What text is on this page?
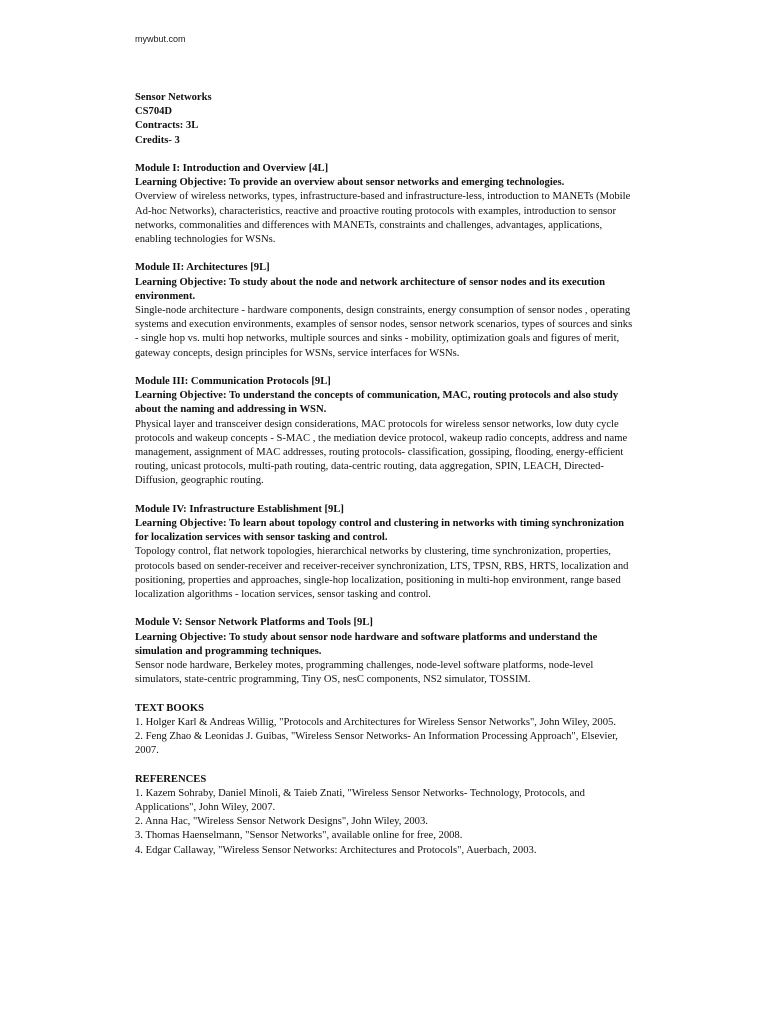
mywbut.com

Sensor Networks

CS704D

Contracts: 3L

Credits- 3

Module I: Introduction and Overview [4L]

Learning Objective: To provide an overview about sensor networks and emerging technologies.

Overview of wireless networks, types, infrastructure-based and infrastructure-less, introduction to MANETs (Mobile Ad-hoc Networks), characteristics, reactive and proactive routing protocols with examples, introduction to sensor networks, commonalities and differences with MANETs, constraints and challenges, advantages, applications, enabling technologies for WSNs.

Module II: Architectures [9L]

Learning Objective: To study about the node and network architecture of sensor nodes and its execution environment.

Single-node architecture - hardware components, design constraints, energy consumption of sensor nodes , operating systems and execution environments, examples of sensor nodes, sensor network scenarios, types of sources and sinks - single hop vs. multi hop networks, multiple sources and sinks - mobility, optimization goals and figures of merit, gateway concepts, design principles for WSNs, service interfaces for WSNs.

Module III: Communication Protocols [9L]

Learning Objective: To understand the concepts of communication, MAC, routing protocols and also study about the naming and addressing in WSN.

Physical layer and transceiver design considerations, MAC protocols for wireless sensor networks, low duty cycle protocols and wakeup concepts - S-MAC , the mediation device protocol, wakeup radio concepts, address and name management, assignment of MAC addresses, routing protocols- classification, gossiping, flooding, energy-efficient routing, unicast protocols, multi-path routing, data-centric routing, data aggregation, SPIN, LEACH, Directed-Diffusion, geographic routing.

Module IV: Infrastructure Establishment [9L]

Learning Objective: To learn about topology control and clustering in networks with timing synchronization for localization services with sensor tasking and control.

Topology control, flat network topologies, hierarchical networks by clustering, time synchronization, properties, protocols based on sender-receiver and receiver-receiver synchronization, LTS, TPSN, RBS, HRTS, localization and positioning, properties and approaches, single-hop localization, positioning in multi-hop environment, range based localization algorithms - location services, sensor tasking and control.

Module V: Sensor Network Platforms and Tools [9L]

Learning Objective: To study about sensor node hardware and software platforms and understand the simulation and programming techniques.

Sensor node hardware, Berkeley motes, programming challenges, node-level software platforms, node-level simulators, state-centric programming, Tiny OS, nesC components, NS2 simulator, TOSSIM.

TEXT BOOKS

1. Holger Karl & Andreas Willig, "Protocols and Architectures for Wireless Sensor Networks", John Wiley, 2005.

2. Feng Zhao & Leonidas J. Guibas, "Wireless Sensor Networks- An Information Processing Approach", Elsevier, 2007.

REFERENCES

1. Kazem Sohraby, Daniel Minoli, & Taieb Znati, "Wireless Sensor Networks- Technology, Protocols, and Applications", John Wiley, 2007.

2. Anna Hac, "Wireless Sensor Network Designs", John Wiley, 2003.

3. Thomas Haenselmann, "Sensor Networks", available online for free, 2008.

4. Edgar Callaway, "Wireless Sensor Networks: Architectures and Protocols", Auerbach, 2003.
